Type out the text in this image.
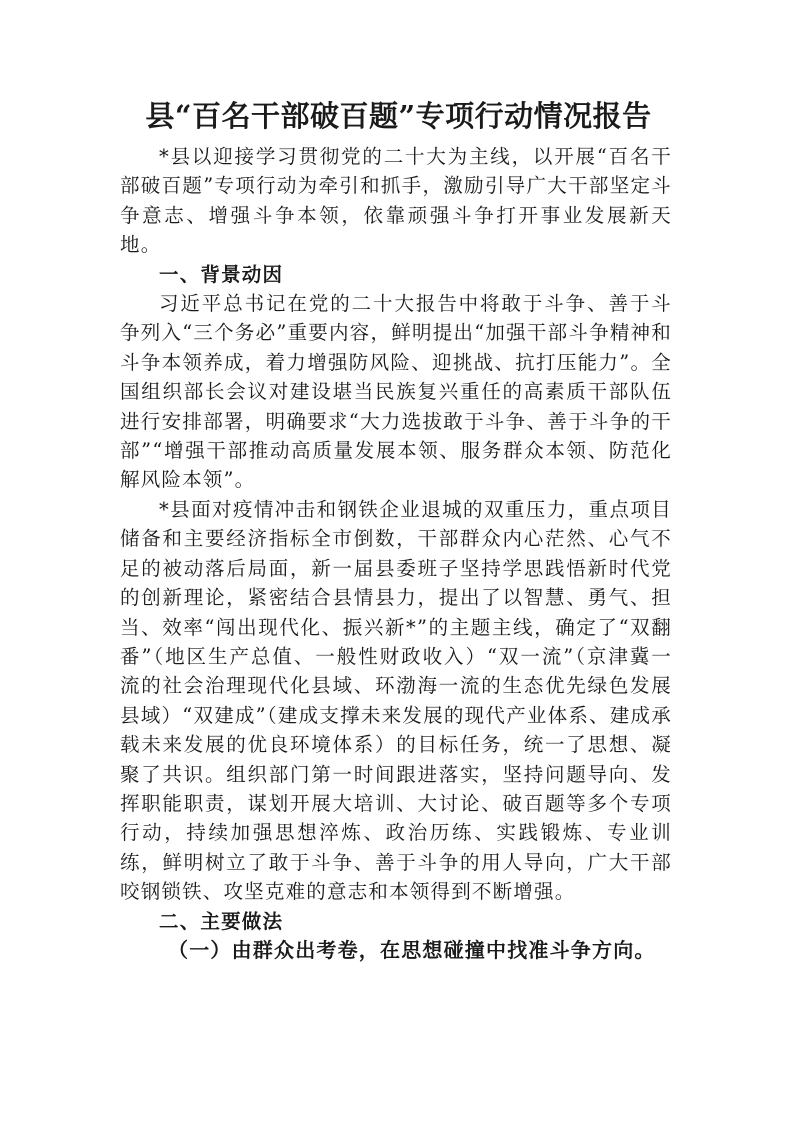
县“百名干部破百题”专项行动情况报告

*县以迎接学习贯彻党的二十大为主线，以开展“百名干部破百题”专项行动为牵引和抓手，激励引导广大干部坚定斗争意志、增强斗争本领，依靠顽强斗争打开事业发展新天地。

一、背景动因

习近平总书记在党的二十大报告中将敢于斗争、善于斗争列入“三个务必”重要内容，鲜明提出“加强干部斗争精神和斗争本领养成，着力增强防风险、迎挑战、抗打压能力”。全国组织部长会议对建设堪当民族复兴重任的高素质干部队伍进行安排部署，明确要求“大力选拔敢于斗争、善于斗争的干部”“增强干部推动高质量发展本领、服务群众本领、防范化解风险本领”。

*县面对疫情冲击和钢铁企业退城的双重压力，重点项目储备和主要经济指标全市倒数，干部群众内心茫然、心气不足的被动落后局面，新一届县委班子坚持学思践悟新时代党的创新理论，紧密结合县情县力，提出了以智慧、勇气、担当、效率“闯出现代化、振兴新*”的主题主线，确定了“双翻番”（地区生产总值、一般性财政收入）“双一流”（京津冀一流的社会治理现代化县域、环渤海一流的生态优先绿色发展县域）“双建成”（建成支撑未来发展的现代产业体系、建成承载未来发展的优良环境体系）的目标任务，统一了思想、凝聚了共识。组织部门第一时间跟进落实，坚持问题导向、发挥职能职责，谋划开展大培训、大讨论、破百题等多个专项行动，持续加强思想淬炼、政治历练、实践锻炼、专业训练，鲜明树立了敢于斗争、善于斗争的用人导向，广大干部咬钢锁铁、攻坚克难的意志和本领得到不断增强。

二、主要做法

（一）由群众出考卷，在思想碰撞中找准斗争方向。
